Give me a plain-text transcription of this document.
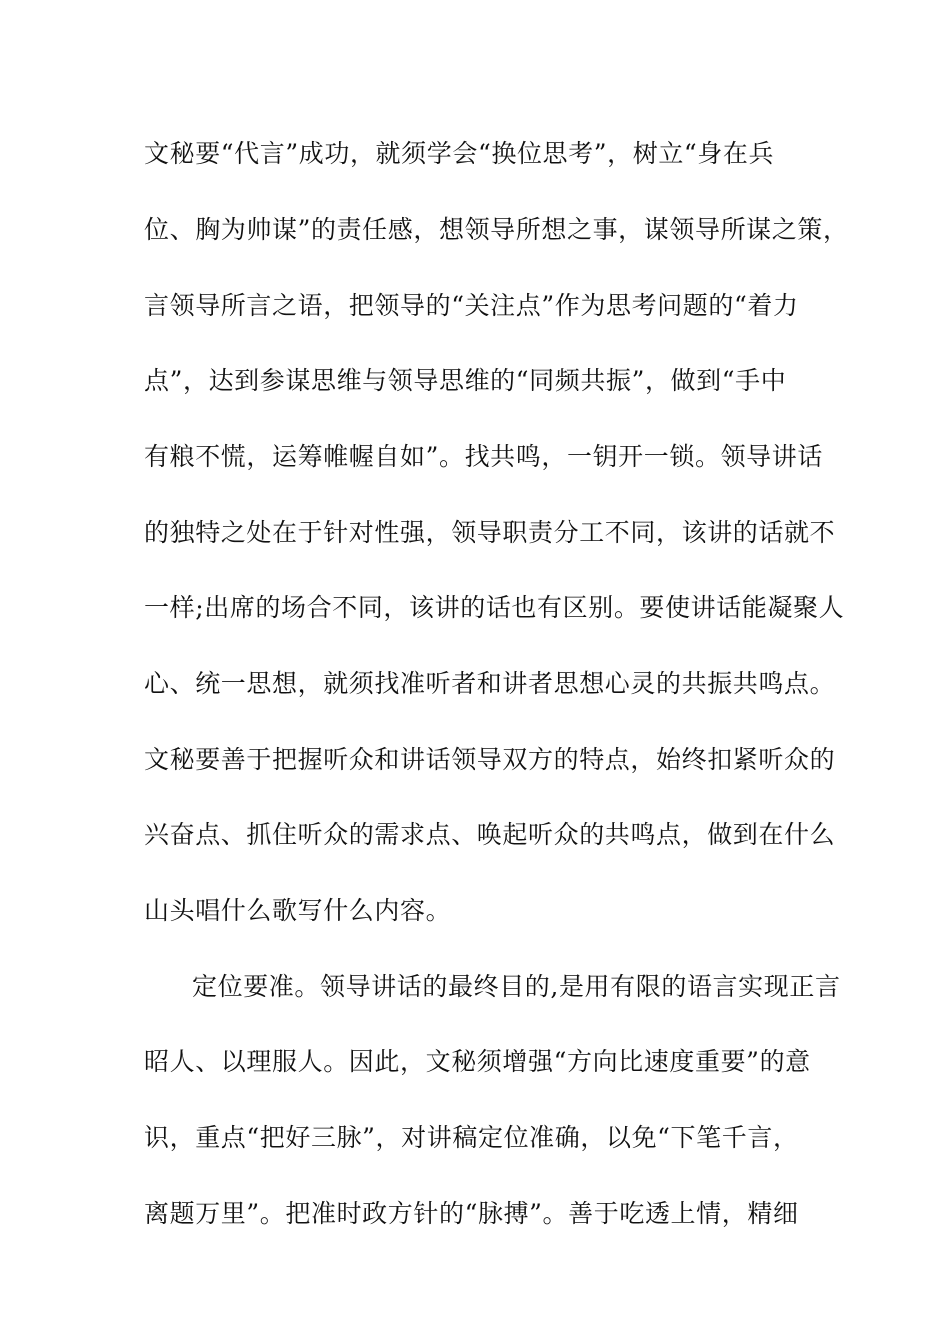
文秘要“代言”成功，就须学会“换位思考”，树立“身在兵
位、胸为帅谋”的责任感，想领导所想之事，谋领导所谋之策，
言领导所言之语，把领导的“关注点”作为思考问题的“着力
点”，达到参谋思维与领导思维的“同频共振”，做到“手中
有粮不慌，运筹帷幄自如”。找共鸣，一钥开一锁。领导讲话
的独特之处在于针对性强，领导职责分工不同，该讲的话就不
一样;出席的场合不同，该讲的话也有区别。要使讲话能凝聚人
心、统一思想，就须找准听者和讲者思想心灵的共振共鸣点。
文秘要善于把握听众和讲话领导双方的特点，始终扣紧听众的
兴奋点、抓住听众的需求点、唤起听众的共鸣点，做到在什么
山头唱什么歌写什么内容。
定位要准。领导讲话的最终目的,是用有限的语言实现正言
昭人、以理服人。因此，文秘须增强“方向比速度重要”的意
识，重点“把好三脉”，对讲稿定位准确，以免“下笔千言，
离题万里”。把准时政方针的“脉搏”。善于吃透上情，精细
